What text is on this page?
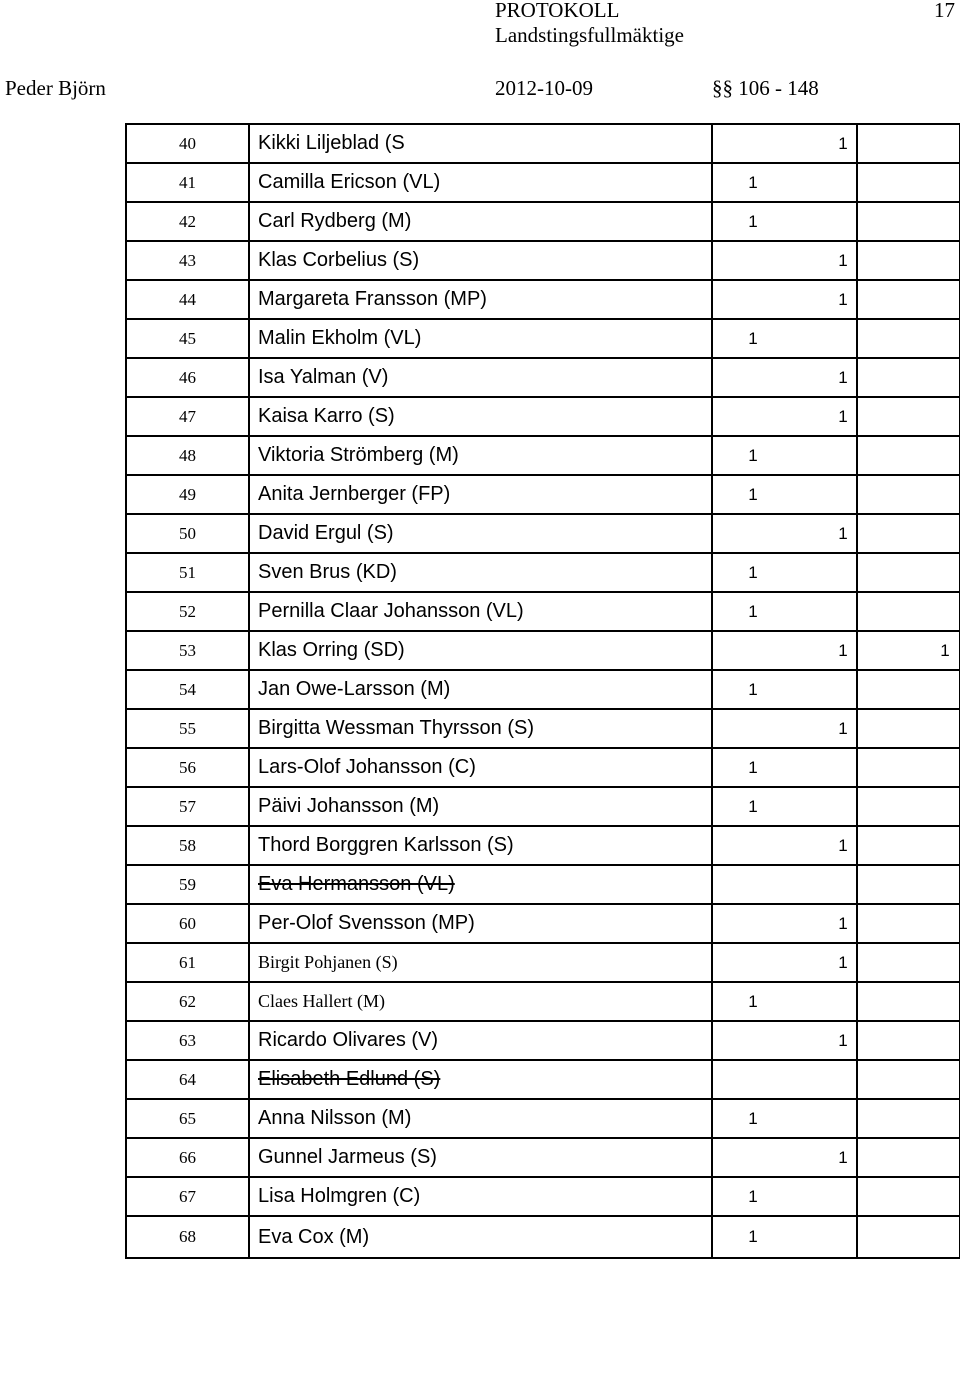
PROTOKOLL
Landstingsfullmäktige
17
Peder Björn	2012-10-09	§§ 106 - 148
40	Kikki Liljeblad (S	1	

41	Camilla Ericson (VL)	1	

42	Carl Rydberg (M)	1	

43	Klas Corbelius (S)	1	

44	Margareta Fransson (MP)	1	

45	Malin Ekholm (VL)	1	

46	Isa Yalman (V)	1	

47	Kaisa Karro (S)	1	

48	Viktoria Strömberg (M)	1	

49	Anita Jernberger (FP)	1	

50	David Ergul (S)	1	

51	Sven Brus (KD)	1	

52	Pernilla Claar Johansson (VL)	1	

53	Klas Orring (SD)	1	1

54	Jan Owe-Larsson (M)	1	

55	Birgitta Wessman Thyrsson (S)	1	

56	Lars-Olof Johansson (C)	1	

57	Päivi Johansson (M)	1	

58	Thord Borggren Karlsson (S)	1	

59	Eva Hermansson (VL)		
60	Per-Olof Svensson (MP)	1	

61	Birgit Pohjanen (S)	1	

62	Claes Hallert (M)	1	

63	Ricardo Olivares (V)	1	

64	Elisabeth Edlund (S)		
65	Anna Nilsson (M)	1	

66	Gunnel Jarmeus (S)	1	

67	Lisa Holmgren (C)	1	

68	Eva Cox (M)	1	
